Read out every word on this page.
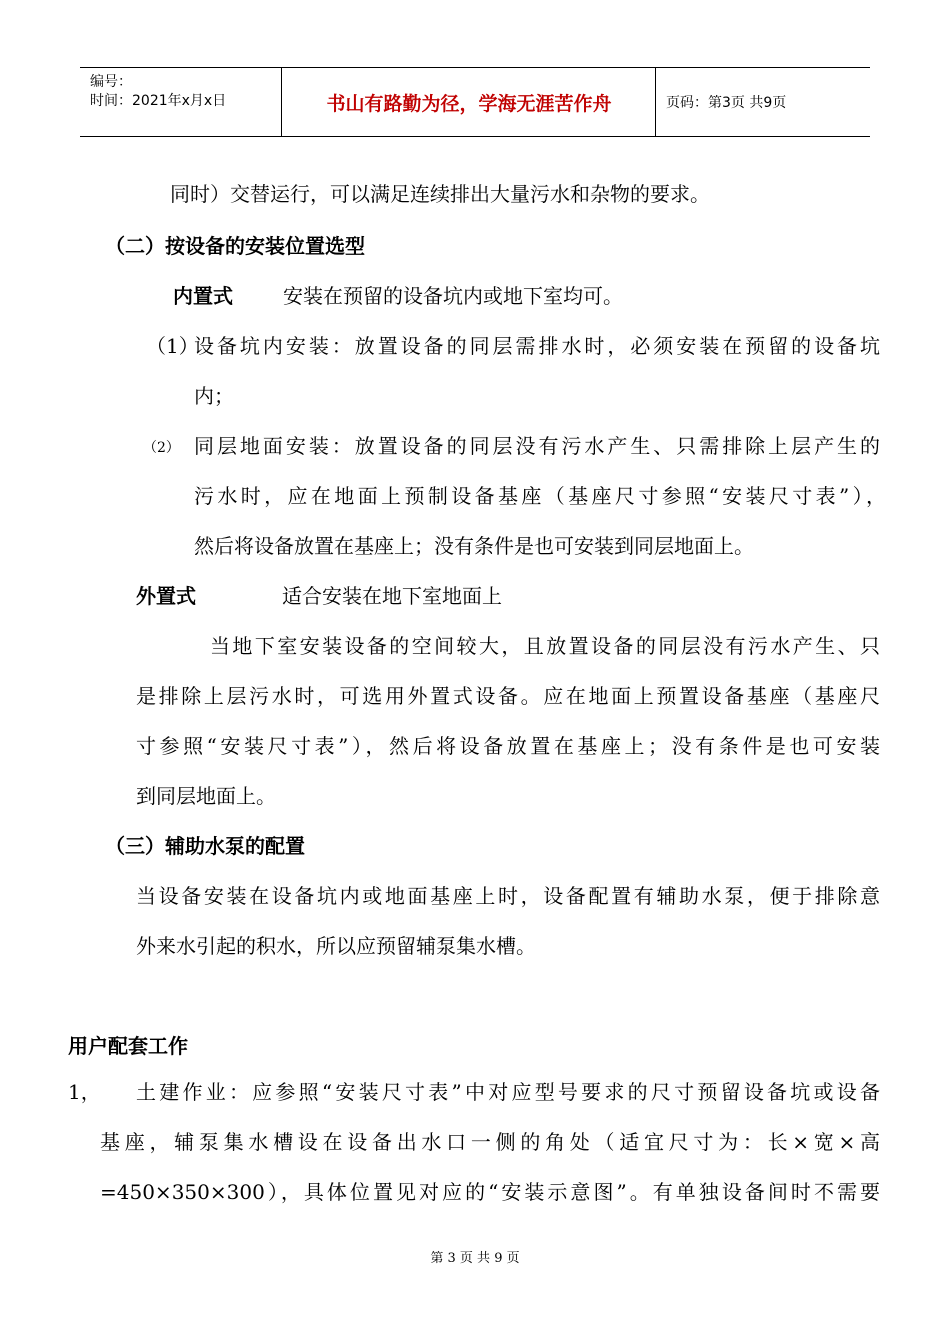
编号：
时间：2021年x月x日	书山有路勤为径，学海无涯苦作舟	页码：第3页 共9页
同时）交替运行，可以满足连续排出大量污水和杂物的要求。
（二）按设备的安装位置选型
内置式	安装在预留的设备坑内或地下室均可。
（1）
设备坑内安装：放置设备的同层需排水时，必须安装在预留的设备坑
内；
（2） 同层地面安装：放置设备的同层没有污水产生、只需排除上层产生的
污水时，应在地面上预制设备基座（基座尺寸参照“安装尺寸表”），
然后将设备放置在基座上；没有条件是也可安装到同层地面上。
外置式	适合安装在地下室地面上
当地下室安装设备的空间较大，且放置设备的同层没有污水产生、只
是排除上层污水时，可选用外置式设备。应在地面上预置设备基座（基座尺
寸参照“安装尺寸表”），然后将设备放置在基座上；没有条件是也可安装
到同层地面上。
（三）辅助水泵的配置
当设备安装在设备坑内或地面基座上时，设备配置有辅助水泵，便于排除意
外来水引起的积水，所以应预留辅泵集水槽。
用户配套工作
1， 土建作业：应参照“安装尺寸表”中对应型号要求的尺寸预留设备坑或设备
基座，辅泵集水槽设在设备出水口一侧的角处（适宜尺寸为：长×宽×高
=450×350×300），具体位置见对应的“安装示意图”。有单独设备间时不需要
第 3 页 共 9 页
